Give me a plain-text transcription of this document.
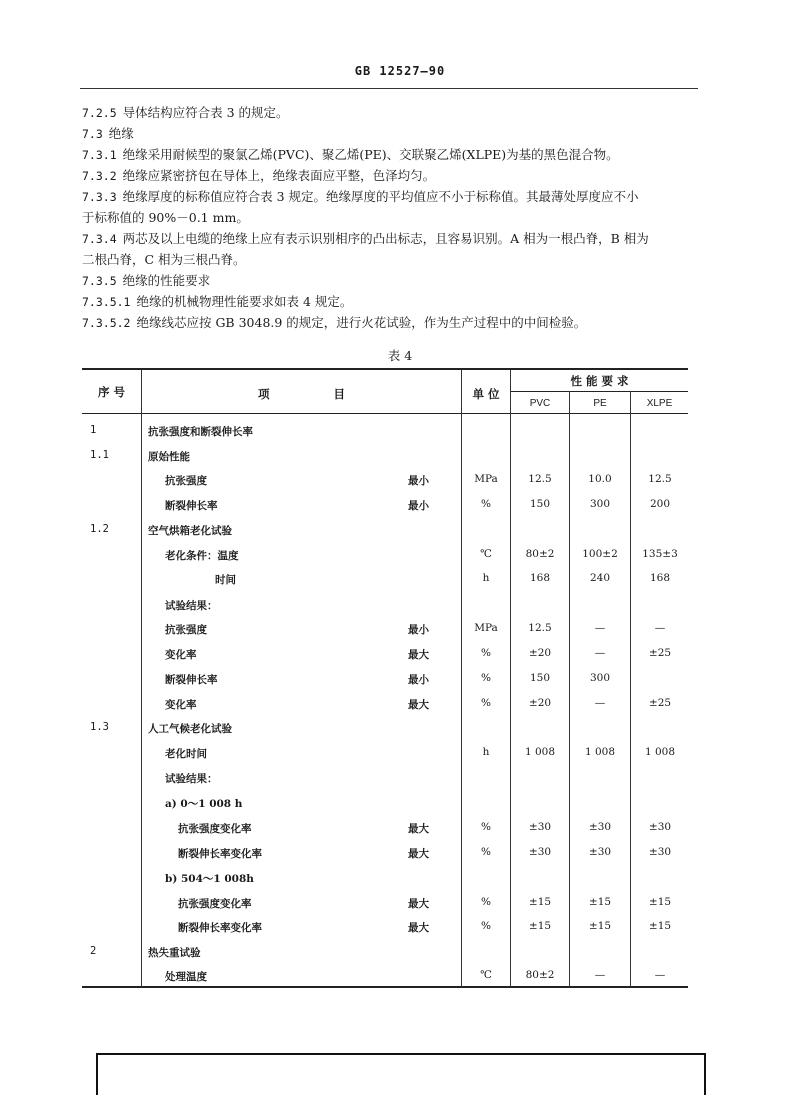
GB 12527—90
7.2.5 导体结构应符合表 3 的规定。
7.3 绝缘
7.3.1 绝缘采用耐候型的聚氯乙烯(PVC)、聚乙烯(PE)、交联聚乙烯(XLPE)为基的黑色混合物。
7.3.2 绝缘应紧密挤包在导体上，绝缘表面应平整，色泽均匀。
7.3.3 绝缘厚度的标称值应符合表 3 规定。绝缘厚度的平均值应不小于标称值。其最薄处厚度应不小
于标称值的 90%－0.1 mm。
7.3.4 两芯及以上电缆的绝缘上应有表示识别相序的凸出标志，且容易识别。A 相为一根凸脊，B 相为
二根凸脊，C 相为三根凸脊。
7.3.5 绝缘的性能要求
7.3.5.1 绝缘的机械物理性能要求如表 4 规定。
7.3.5.2 绝缘线芯应按 GB 3048.9 的规定，进行火花试验，作为生产过程中的中间检验。
表 4
序 号	项                目	单 位
性 能 要 求
PVC	PE	XLPE
1	抗张强度和断裂伸长率
1.1	原始性能
抗张强度	最小	MPa	12.5	10.0	12.5
断裂伸长率	最小	%	150	300	200
1.2	空气烘箱老化试验
老化条件：温度	℃	80±2	100±2	135±3
时间	h	168	240	168
试验结果：
抗张强度	最小	MPa	12.5	—	—
变化率	最大	%	±20	—	±25
断裂伸长率	最小	%	150	300
变化率	最大	%	±20	—	±25
1.3	人工气候老化试验
老化时间	h	1 008	1 008	1 008
试验结果：
a) 0～1 008 h
抗张强度变化率	最大	%	±30	±30	±30
断裂伸长率变化率	最大	%	±30	±30	±30
b) 504～1 008h
抗张强度变化率	最大	%	±15	±15	±15
断裂伸长率变化率	最大	%	±15	±15	±15
2	热失重试验
处理温度	℃	80±2	—	—
